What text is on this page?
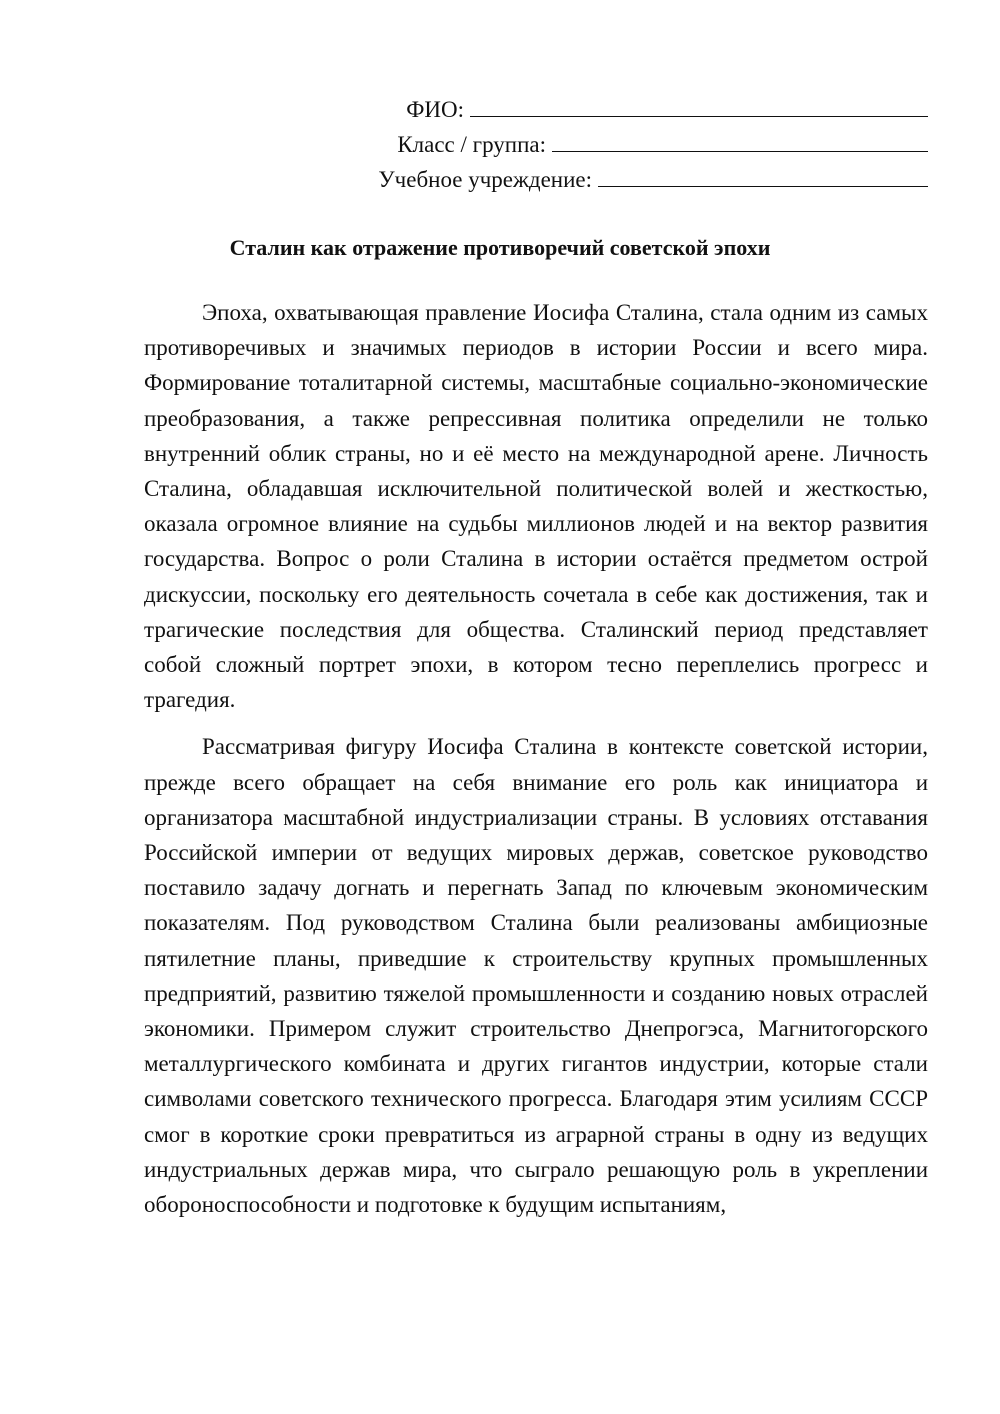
ФИО:
Класс / группа:
Учебное учреждение:
Сталин как отражение противоречий советской эпохи

Эпоха, охватывающая правление Иосифа Сталина, стала одним из самых противоречивых и значимых периодов в истории России и всего мира. Формирование тоталитарной системы, масштабные социально-экономические преобразования, а также репрессивная политика определили не только внутренний облик страны, но и её место на международной арене. Личность Сталина, обладавшая исключительной политической волей и жесткостью, оказала огромное влияние на судьбы миллионов людей и на вектор развития государства. Вопрос о роли Сталина в истории остаётся предметом острой дискуссии, поскольку его деятельность сочетала в себе как достижения, так и трагические последствия для общества. Сталинский период представляет собой сложный портрет эпохи, в котором тесно переплелись прогресс и трагедия.

Рассматривая фигуру Иосифа Сталина в контексте советской истории, прежде всего обращает на себя внимание его роль как инициатора и организатора масштабной индустриализации страны. В условиях отставания Российской империи от ведущих мировых держав, советское руководство поставило задачу догнать и перегнать Запад по ключевым экономическим показателям. Под руководством Сталина были реализованы амбициозные пятилетние планы, приведшие к строительству крупных промышленных предприятий, развитию тяжелой промышленности и созданию новых отраслей экономики. Примером служит строительство Днепрогэса, Магнитогорского металлургического комбината и других гигантов индустрии, которые стали символами советского технического прогресса. Благодаря этим усилиям СССР смог в короткие сроки превратиться из аграрной страны в одну из ведущих индустриальных держав мира, что сыграло решающую роль в укреплении обороноспособности и подготовке к будущим испытаниям,
